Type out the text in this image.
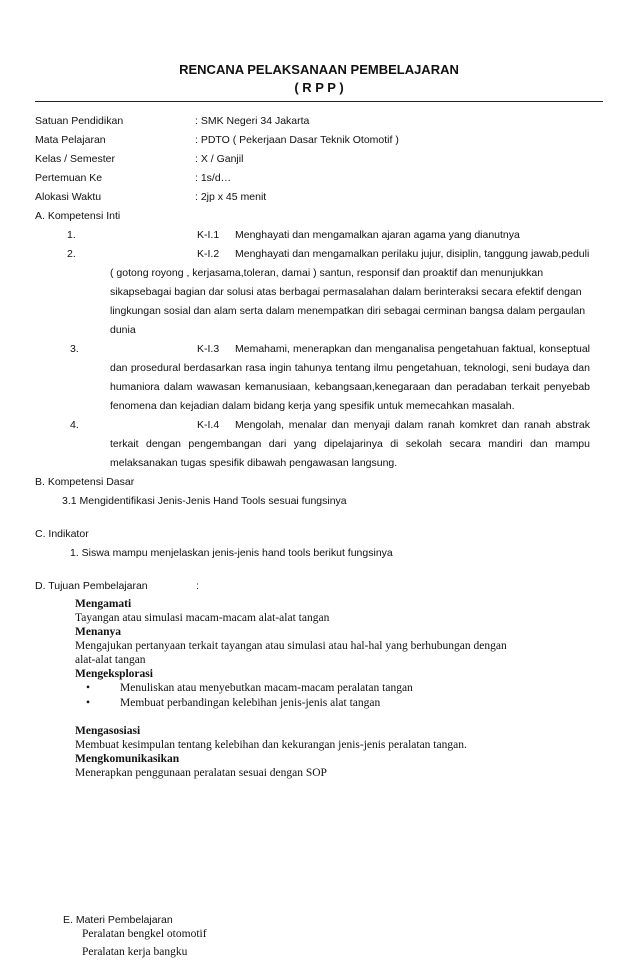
RENCANA PELAKSANAAN PEMBELAJARAN
( R P P )
Satuan Pendidikan	: SMK Negeri 34 Jakarta
Mata Pelajaran	: PDTO ( Pekerjaan Dasar Teknik Otomotif )
Kelas / Semester	: X / Ganjil
Pertemuan Ke	: 1s/d…
Alokasi Waktu	: 2jp x 45 menit
A. Kompetensi Inti
1.	K-I.1 Menghayati dan mengamalkan ajaran agama yang dianutnya
2.	K-I.2 Menghayati dan mengamalkan perilaku jujur, disiplin, tanggung jawab,peduli
( gotong royong , kerjasama,toleran, damai ) santun, responsif dan proaktif dan menunjukkan
sikapsebagai bagian dar solusi atas berbagai permasalahan dalam berinteraksi secara efektif dengan
lingkungan sosial dan alam serta dalam menempatkan diri sebagai cerminan bangsa dalam pergaulan
dunia
3.	K-I.3 Memahami, menerapkan dan menganalisa pengetahuan faktual, konseptual
dan prosedural berdasarkan rasa ingin tahunya tentang ilmu pengetahuan, teknologi, seni budaya dan
humaniora dalam wawasan kemanusiaan, kebangsaan,kenegaraan dan peradaban terkait penyebab
fenomena dan kejadian dalam bidang kerja yang spesifik untuk memecahkan masalah.
4.	K-I.4 Mengolah, menalar dan menyaji dalam ranah komkret dan ranah abstrak
terkait dengan pengembangan dari yang dipelajarinya di sekolah secara mandiri dan mampu
melaksanakan tugas spesifik dibawah pengawasan langsung.
B. Kompetensi Dasar
3.1 Mengidentifikasi Jenis-Jenis Hand Tools sesuai fungsinya
C. Indikator
1. Siswa mampu menjelaskan jenis-jenis hand tools berikut fungsinya
D. Tujuan Pembelajaran	:
Mengamati
Tayangan atau simulasi macam-macam alat-alat tangan
Menanya
Mengajukan pertanyaan terkait tayangan atau simulasi atau hal-hal yang berhubungan dengan
alat-alat tangan
Mengeksplorasi
•	Menuliskan atau menyebutkan macam-macam peralatan tangan
•	Membuat perbandingan kelebihan jenis-jenis alat tangan
Mengasosiasi
Membuat kesimpulan tentang kelebihan dan kekurangan jenis-jenis peralatan tangan.
Mengkomunikasikan
Menerapkan penggunaan peralatan sesuai dengan SOP
E. Materi Pembelajaran
Peralatan bengkel otomotif
Peralatan kerja bangku
